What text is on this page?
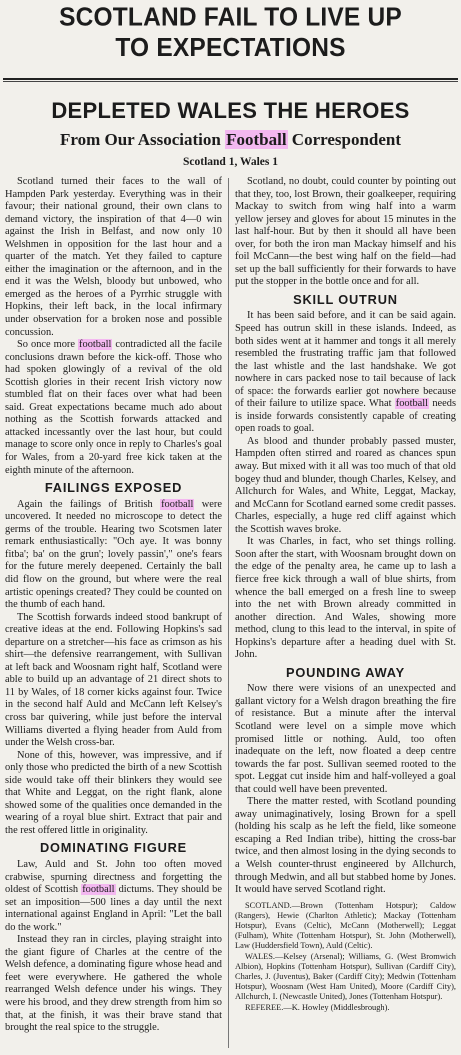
SCOTLAND FAIL TO LIVE UP
TO EXPECTATIONS
DEPLETED WALES THE HEROES
From Our Association Football Correspondent
Scotland 1, Wales 1

Scotland turned their faces to the wall of Hampden Park yesterday. Everything was in their favour; their national ground, their own clans to demand victory, the inspiration of that 4—0 win against the Irish in Belfast, and now only 10 Welshmen in opposition for the last hour and a quarter of the match. Yet they failed to capture either the imagination or the afternoon, and in the end it was the Welsh, bloody but unbowed, who emerged as the heroes of a Pyrrhic struggle with Hopkins, their left back, in the local infirmary under observation for a broken nose and possible concussion.

So once more football contradicted all the facile conclusions drawn before the kick-off. Those who had spoken glowingly of a revival of the old Scottish glories in their recent Irish victory now stumbled flat on their faces over what had been said. Great expectations became much ado about nothing as the Scottish forwards attacked and attacked incessantly over the last hour, but could manage to score only once in reply to Charles's goal for Wales, from a 20-yard free kick taken at the eighth minute of the afternoon.

FAILINGS EXPOSED

Again the failings of British football were uncovered. It needed no microscope to detect the germs of the trouble. Hearing two Scotsmen later remark enthusiastically: "Och aye. It was bonny fitba'; ba' on the grun'; lovely passin'," one's fears for the future merely deepened. Certainly the ball did flow on the ground, but where were the real artistic openings created? They could be counted on the thumb of each hand.

The Scottish forwards indeed stood bankrupt of creative ideas at the end. Following Hopkins's sad departure on a stretcher—his face as crimson as his shirt—the defensive rearrangement, with Sullivan at left back and Woosnam right half, Scotland were able to build up an advantage of 21 direct shots to 11 by Wales, of 18 corner kicks against four. Twice in the second half Auld and McCann left Kelsey's cross bar quivering, while just before the interval Williams diverted a flying header from Auld from under the Welsh cross-bar.

None of this, however, was impressive, and if only those who predicted the birth of a new Scottish side would take off their blinkers they would see that White and Leggat, on the right flank, alone showed some of the qualities once demanded in the wearing of a royal blue shirt. Extract that pair and the rest offered little in originality.

DOMINATING FIGURE

Law, Auld and St. John too often moved crabwise, spurning directness and forgetting the oldest of Scottish football dictums. They should be set an imposition—500 lines a day until the next international against England in April: "Let the ball do the work."

Instead they ran in circles, playing straight into the giant figure of Charles at the centre of the Welsh defence, a dominating figure whose head and feet were everywhere. He gathered the whole rearranged Welsh defence under his wings. They were his brood, and they drew strength from him so that, at the finish, it was their brave stand that brought the real spice to the struggle.

Scotland, no doubt, could counter by pointing out that they, too, lost Brown, their goalkeeper, requiring Mackay to switch from wing half into a warm yellow jersey and gloves for about 15 minutes in the last half-hour. But by then it should all have been over, for both the iron man Mackay himself and his foil McCann—the best wing half on the field—had set up the ball sufficiently for their forwards to have put the stopper in the bottle once and for all.

SKILL OUTRUN

It has been said before, and it can be said again. Speed has outrun skill in these islands. Indeed, as both sides went at it hammer and tongs it all merely resembled the frustrating traffic jam that followed the last whistle and the last handshake. We got nowhere in cars packed nose to tail because of lack of space: the forwards earlier got nowhere because of their failure to utilize space. What football needs is inside forwards consistently capable of creating open roads to goal.

As blood and thunder probably passed muster, Hampden often stirred and roared as chances spun away. But mixed with it all was too much of that old bogey thud and blunder, though Charles, Kelsey, and Allchurch for Wales, and White, Leggat, Mackay, and McCann for Scotland earned some credit passes. Charles, especially, a huge red cliff against which the Scottish waves broke.

It was Charles, in fact, who set things rolling. Soon after the start, with Woosnam brought down on the edge of the penalty area, he came up to lash a fierce free kick through a wall of blue shirts, from whence the ball emerged on a fresh line to sweep into the net with Brown already committed in another direction. And Wales, showing more method, clung to this lead to the interval, in spite of Hopkins's departure after a heading duel with St. John.

POUNDING AWAY

Now there were visions of an unexpected and gallant victory for a Welsh dragon breathing the fire of resistance. But a minute after the interval Scotland were level on a simple move which promised little or nothing. Auld, too often inadequate on the left, now floated a deep centre towards the far post. Sullivan seemed rooted to the spot. Leggat cut inside him and half-volleyed a goal that could well have been prevented.

There the matter rested, with Scotland pounding away unimaginatively, losing Brown for a spell (holding his scalp as he left the field, like someone escaping a Red Indian tribe), hitting the cross-bar twice, and then almost losing in the dying seconds to a Welsh counter-thrust engineered by Allchurch, through Medwin, and all but stabbed home by Jones. It would have served Scotland right.

SCOTLAND.—Brown (Tottenham Hotspur); Caldow (Rangers), Hewie (Charlton Athletic); Mackay (Tottenham Hotspur), Evans (Celtic), McCann (Motherwell); Leggat (Fulham), White (Tottenham Hotspur), St. John (Motherwell), Law (Huddersfield Town), Auld (Celtic).

WALES.—Kelsey (Arsenal); Williams, G. (West Bromwich Albion), Hopkins (Tottenham Hotspur), Sullivan (Cardiff City), Charles, J. (Juventus), Baker (Cardiff City); Medwin (Tottenham Hotspur), Woosnam (West Ham United), Moore (Cardiff City), Allchurch, I. (Newcastle United), Jones (Tottenham Hotspur).

REFEREE.—K. Howley (Middlesbrough).
